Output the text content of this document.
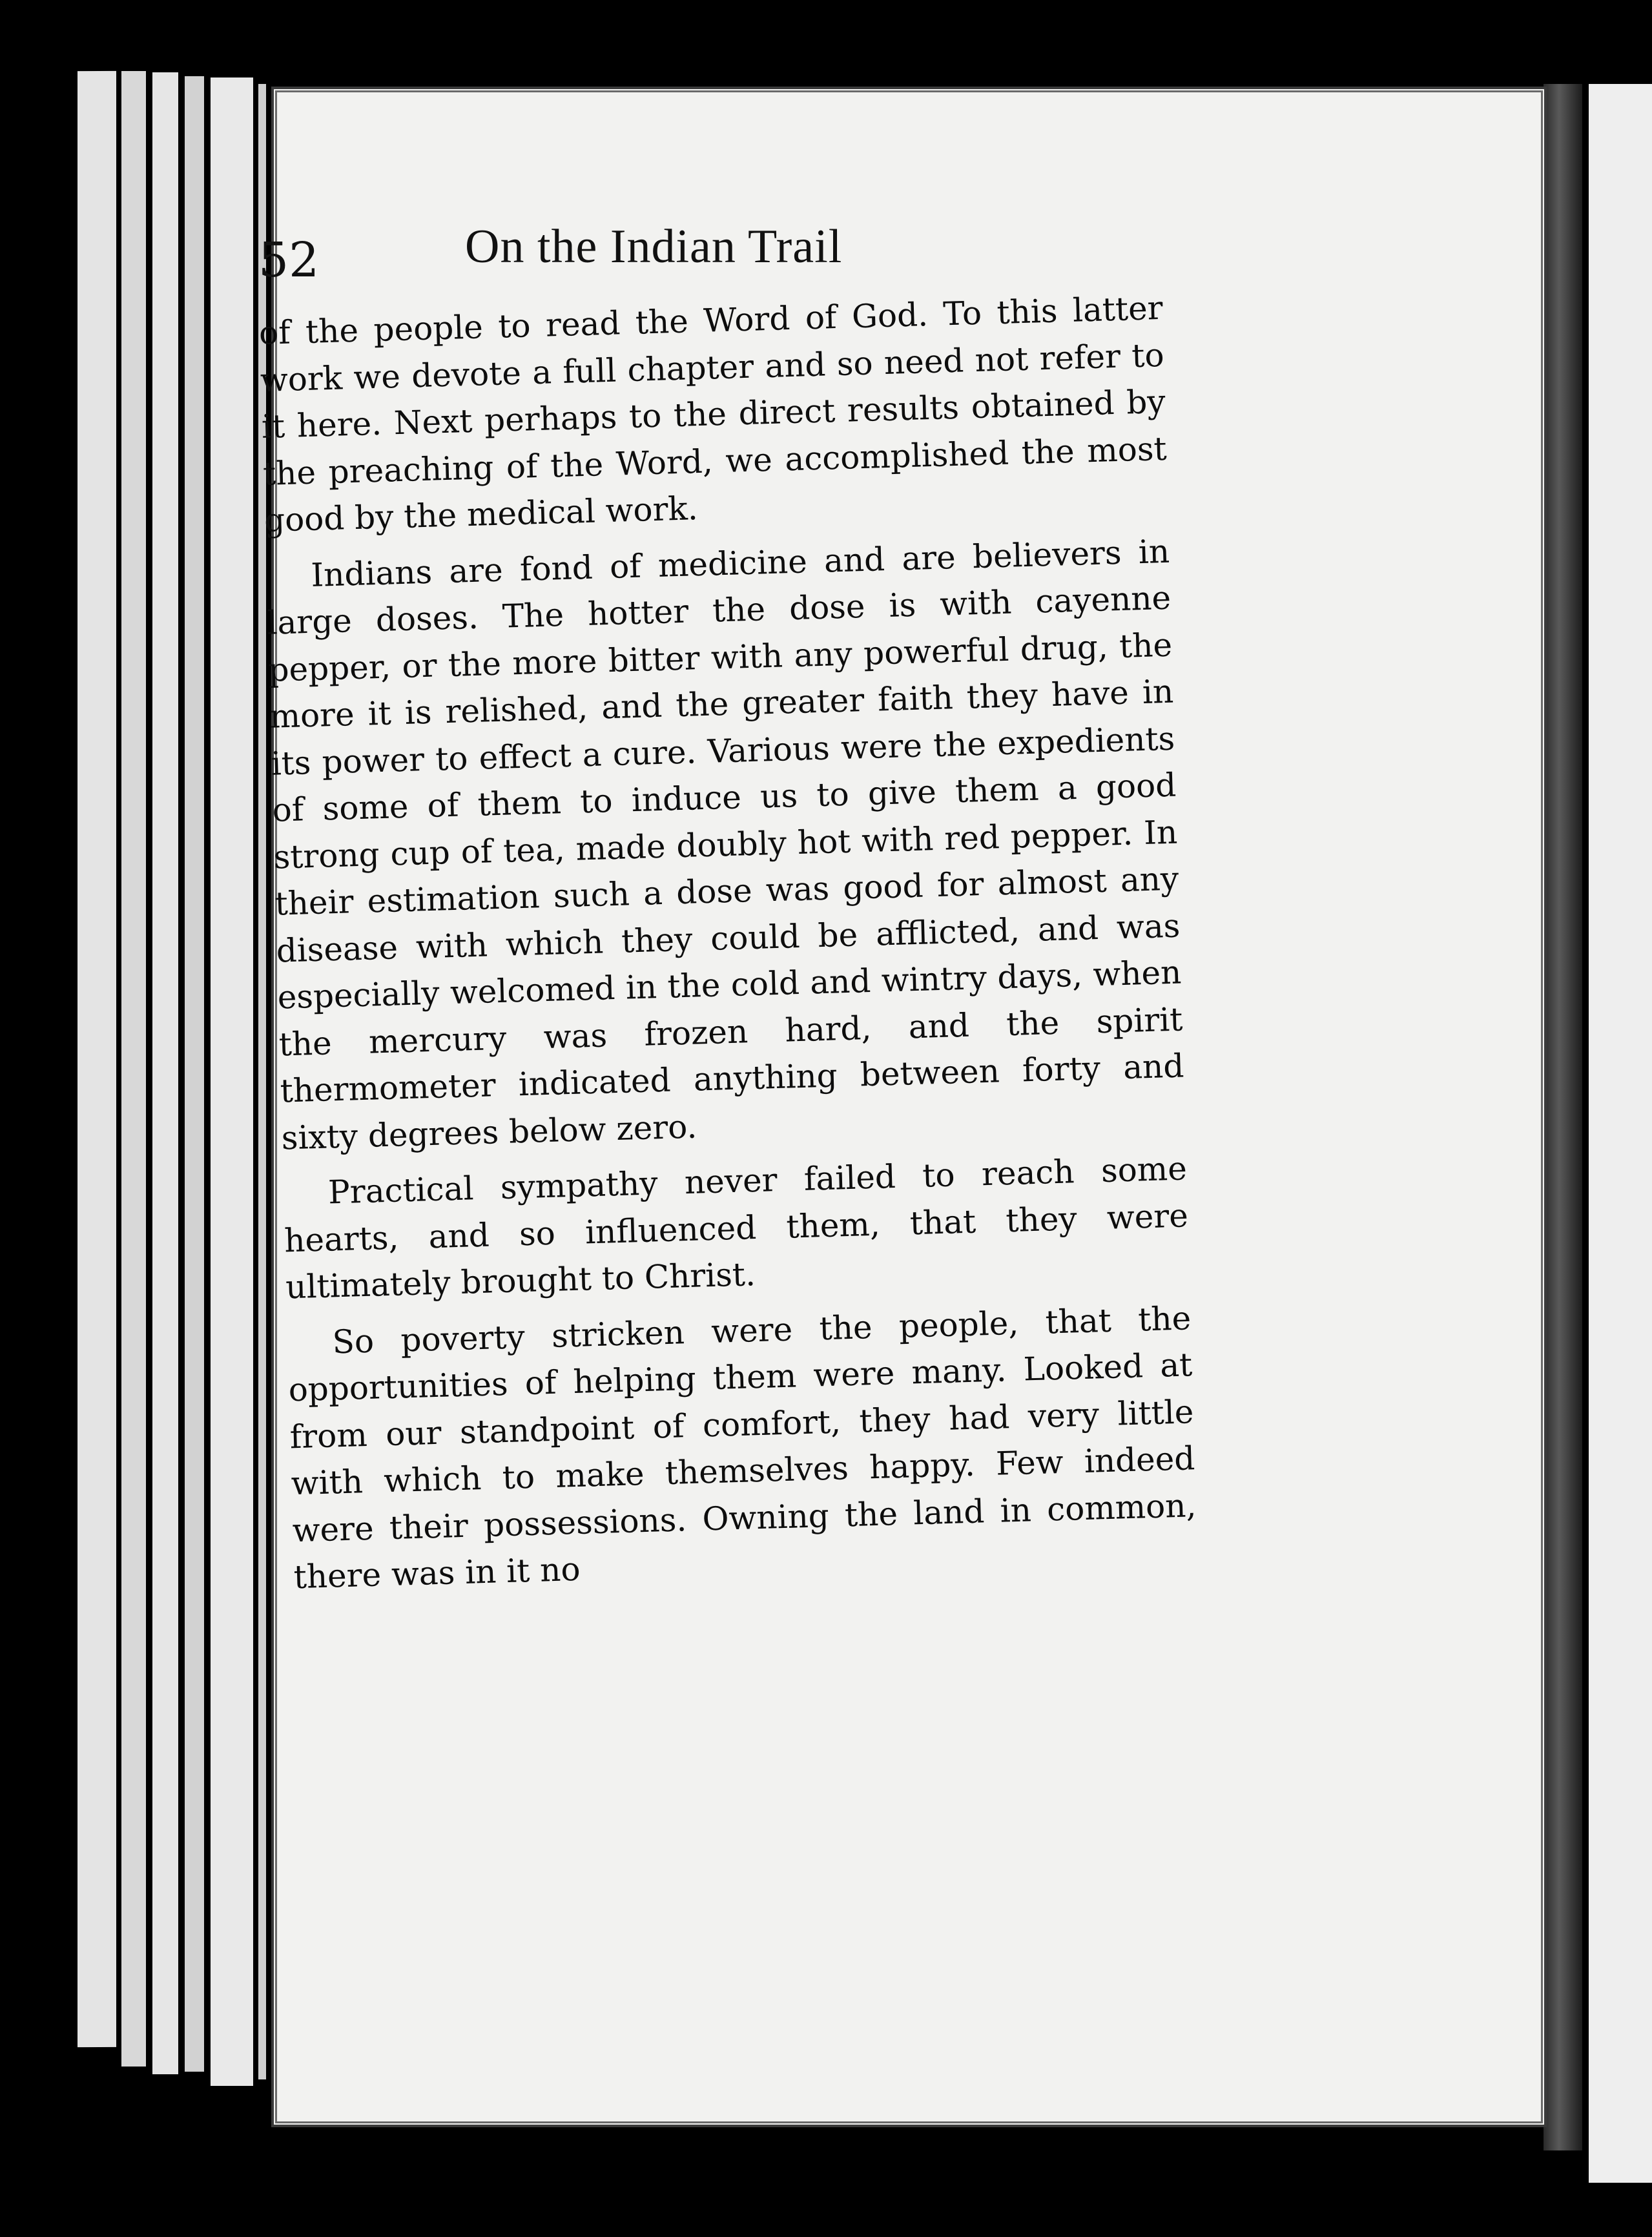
52	On the Indian Trail

of the people to read the Word of God. To this latter work we devote a full chapter and so need not refer to it here. Next perhaps to the direct results obtained by the preaching of the Word, we accomplished the most good by the medical work.

Indians are fond of medicine and are believers in large doses. The hotter the dose is with cayenne pepper, or the more bitter with any powerful drug, the more it is relished, and the greater faith they have in its power to effect a cure. Various were the expedients of some of them to induce us to give them a good strong cup of tea, made doubly hot with red pepper. In their estimation such a dose was good for almost any disease with which they could be afflicted, and was especially welcomed in the cold and wintry days, when the mercury was frozen hard, and the spirit thermometer indicated anything between forty and sixty degrees below zero.

Practical sympathy never failed to reach some hearts, and so influenced them, that they were ultimately brought to Christ.

So poverty stricken were the people, that the opportunities of helping them were many. Looked at from our standpoint of comfort, they had very little with which to make themselves happy. Few indeed were their possessions. Owning the land in common, there was in it no
